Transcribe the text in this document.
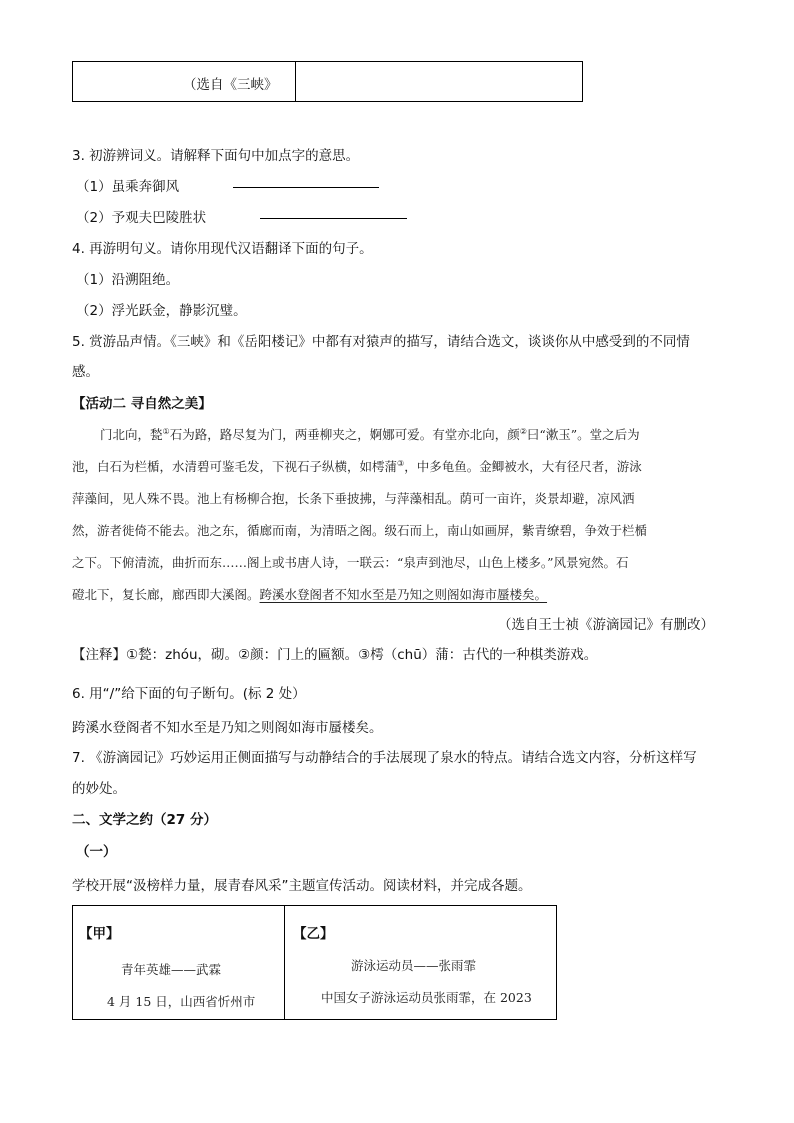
（选自《三峡》
3. 初游辨词义。请解释下面句中加点字的意思。
（1）虽乘奔御风
（2）予观夫巴陵胜状
4. 再游明句义。请你用现代汉语翻译下面的句子。
（1）沿溯阻绝。
（2）浮光跃金，静影沉璧。
5. 赏游品声情。《三峡》和《岳阳楼记》中都有对猿声的描写，请结合选文，谈谈你从中感受到的不同情
感。
【活动二 寻自然之美】
门北向，甃①石为路，路尽复为门，两垂柳夹之，婀娜可爱。有堂亦北向，颜②曰“漱玉”。堂之后为
池，白石为栏楯，水清碧可鉴毛发，下视石子纵横，如樗蒲③，中多龟鱼。金鲫被水，大有径尺者，游泳
萍藻间，见人殊不畏。池上有杨柳合抱，长条下垂披拂，与萍藻相乱。荫可一亩许，炎景却避，凉风洒
然，游者徙倚不能去。池之东，循廊而南，为清晤之阁。级石而上，南山如画屏，紫青缭碧，争效于栏楯
之下。下俯清流，曲折而东……阁上或书唐人诗，一联云：“泉声到池尽，山色上楼多。”风景宛然。石
磴北下，复长廊，廊西即大溪阁。跨溪水登阁者不知水至是乃知之则阁如海市蜃楼矣。
（选自王士祯《游滴园记》有删改）
【注释】①甃：zhóu，砌。②颜：门上的匾额。③樗（chū）蒲：古代的一种棋类游戏。
6. 用“/”给下面的句子断句。(标 2 处）
跨溪水登阁者不知水至是乃知之则阁如海市蜃楼矣。
7. 《游滴园记》巧妙运用正侧面描写与动静结合的手法展现了泉水的特点。请结合选文内容，分析这样写
的妙处。
二、文学之约（27 分）
（一）
学校开展“汲榜样力量，展青春风采”主题宣传活动。阅读材料，并完成各题。
【甲】
青年英雄——武霖
4 月 15 日，山西省忻州市
【乙】
游泳运动员——张雨霏
中国女子游泳运动员张雨霏，在 2023
